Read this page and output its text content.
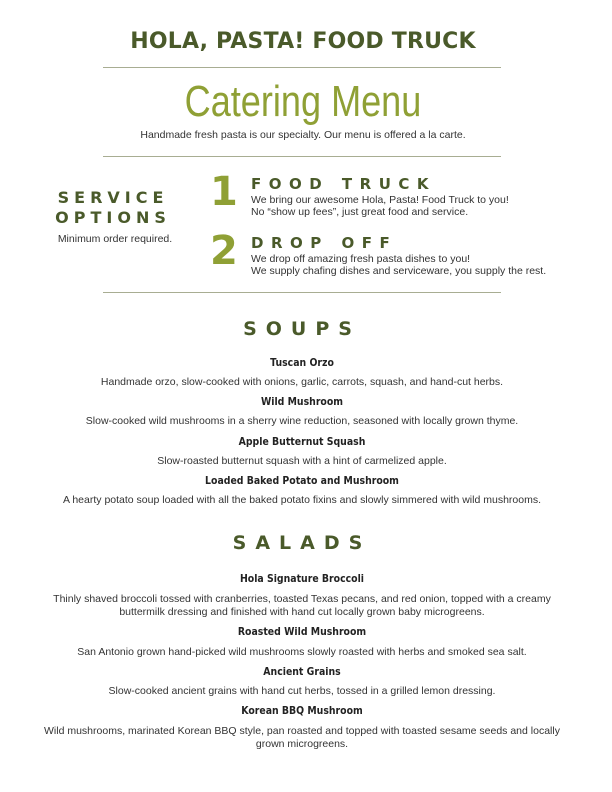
HOLA, PASTA! FOOD TRUCK
Catering Menu
Handmade fresh pasta is our specialty. Our menu is offered a la carte.
SERVICE
OPTIONS
Minimum order required.
1 FOOD TRUCK
We bring our awesome Hola, Pasta! Food Truck to you!
No “show up fees”, just great food and service.
2 DROP OFF
We drop off amazing fresh pasta dishes to you!
We supply chafing dishes and serviceware, you supply the rest.
SOUPS
Tuscan Orzo
Handmade orzo, slow-cooked with onions, garlic, carrots, squash, and hand-cut herbs.
Wild Mushroom
Slow-cooked wild mushrooms in a sherry wine reduction, seasoned with locally grown thyme.
Apple Butternut Squash
Slow-roasted butternut squash with a hint of carmelized apple.
Loaded Baked Potato and Mushroom
A hearty potato soup loaded with all the baked potato fixins and slowly simmered with wild mushrooms.
SALADS
Hola Signature Broccoli
Thinly shaved broccoli tossed with cranberries, toasted Texas pecans, and red onion, topped with a creamy buttermilk dressing and finished with hand cut locally grown baby microgreens.
Roasted Wild Mushroom
San Antonio grown hand-picked wild mushrooms slowly roasted with herbs and smoked sea salt.
Ancient Grains
Slow-cooked ancient grains with hand cut herbs, tossed in a grilled lemon dressing.
Korean BBQ Mushroom
Wild mushrooms, marinated Korean BBQ style, pan roasted and topped with toasted sesame seeds and locally grown microgreens.
